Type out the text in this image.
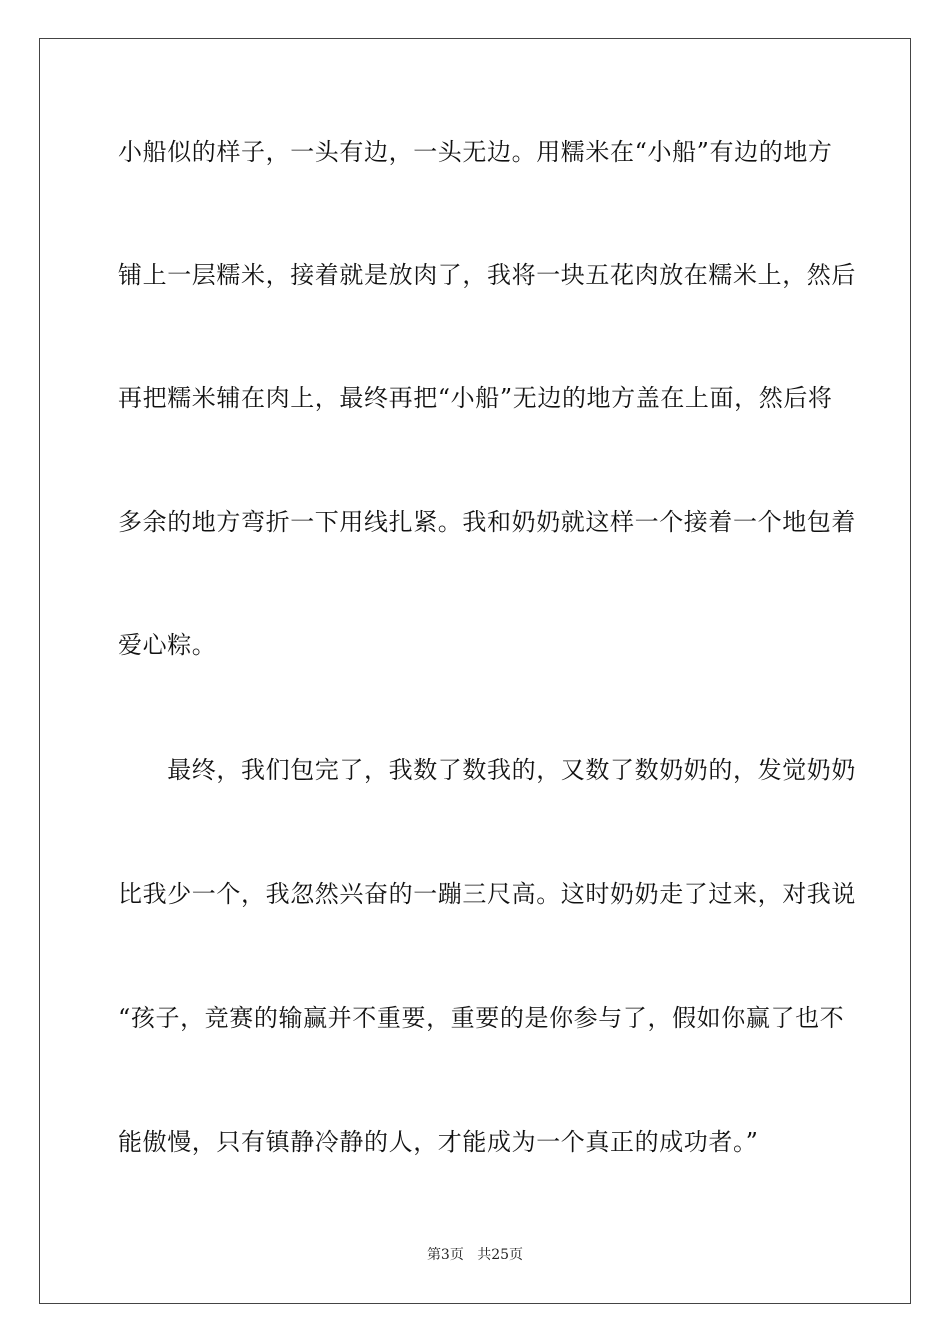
小船似的样子，一头有边，一头无边。用糯米在“小船”有边的地方
铺上一层糯米，接着就是放肉了，我将一块五花肉放在糯米上，然后
再把糯米辅在肉上，最终再把“小船”无边的地方盖在上面，然后将
多余的地方弯折一下用线扎紧。我和奶奶就这样一个接着一个地包着
爱心粽。
　　最终，我们包完了，我数了数我的，又数了数奶奶的，发觉奶奶
比我少一个，我忽然兴奋的一蹦三尺高。这时奶奶走了过来，对我说
“孩子，竞赛的输赢并不重要，重要的是你参与了，假如你赢了也不
能傲慢，只有镇静冷静的人，才能成为一个真正的成功者。”
第3页 共25页
